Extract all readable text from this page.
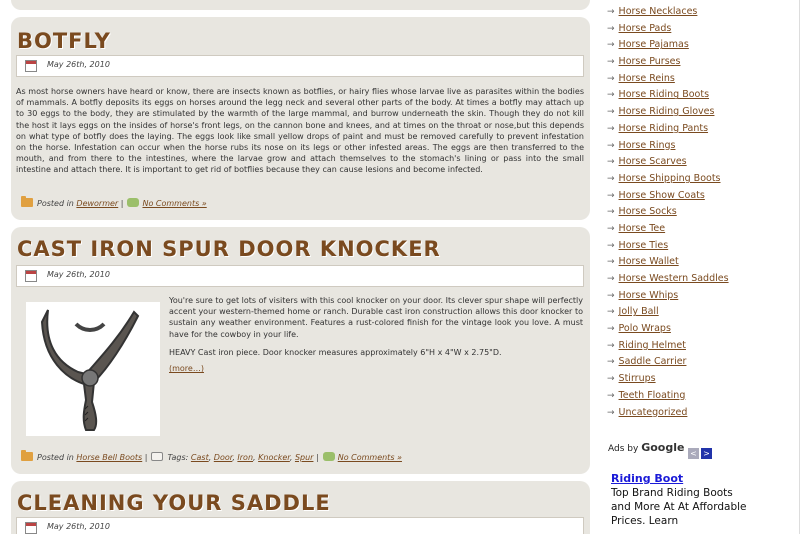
BOTFLY
May 26th, 2010
As most horse owners have heard or know, there are insects known as botflies, or hairy flies whose larvae live as parasites within the bodies of mammals. A botfly deposits its eggs on horses around the legg neck and several other parts of the body. At times a botfly may attach up to 30 eggs to the body, they are stimulated by the warmth of the large mammal, and burrow underneath the skin. Though they do not kill the host it lays eggs on the insides of horse's front legs, on the cannon bone and knees, and at times on the throat or nose,but this depends on what type of botfly does the laying. The eggs look like small yellow drops of paint and must be removed carefully to prevent infestation on the horse. Infestation can occur when the horse rubs its nose on its legs or other infested areas. The eggs are then transferred to the mouth, and from there to the intestines, where the larvae grow and attach themselves to the stomach's lining or pass into the small intestine and attach there. It is important to get rid of botflies because they can cause lesions and become infected.
Posted in Dewormer | No Comments »
CAST IRON SPUR DOOR KNOCKER
May 26th, 2010
You're sure to get lots of visiters with this cool knocker on your door. Its clever spur shape will perfectly accent your western-themed home or ranch. Durable cast iron construction allows this door knocker to sustain any weather environment. Features a rust-colored finish for the vintage look you love. A must have for the cowboy in your life.
HEAVY Cast iron piece. Door knocker measures approximately 6"H x 4"W x 2.75"D.
(more…)
Posted in Horse Bell Boots |	Tags: Cast, Door, Iron, Knocker, Spur | No Comments »
CLEANING YOUR SADDLE
May 26th, 2010
→ Horse Necklaces
→ Horse Pads
→ Horse Pajamas
→ Horse Purses
→ Horse Reins
→ Horse Riding Boots
→ Horse Riding Gloves
→ Horse Riding Pants
→ Horse Rings
→ Horse Scarves
→ Horse Shipping Boots
→ Horse Show Coats
→ Horse Socks
→ Horse Tee
→ Horse Ties
→ Horse Wallet
→ Horse Western Saddles
→ Horse Whips
→ Jolly Ball
→ Polo Wraps
→ Riding Helmet
→ Saddle Carrier
→ Stirrups
→ Teeth Floating
→ Uncategorized
Ads by Google < >
Riding Boot
Top Brand Riding Boots and More At At Affordable Prices. Learn
